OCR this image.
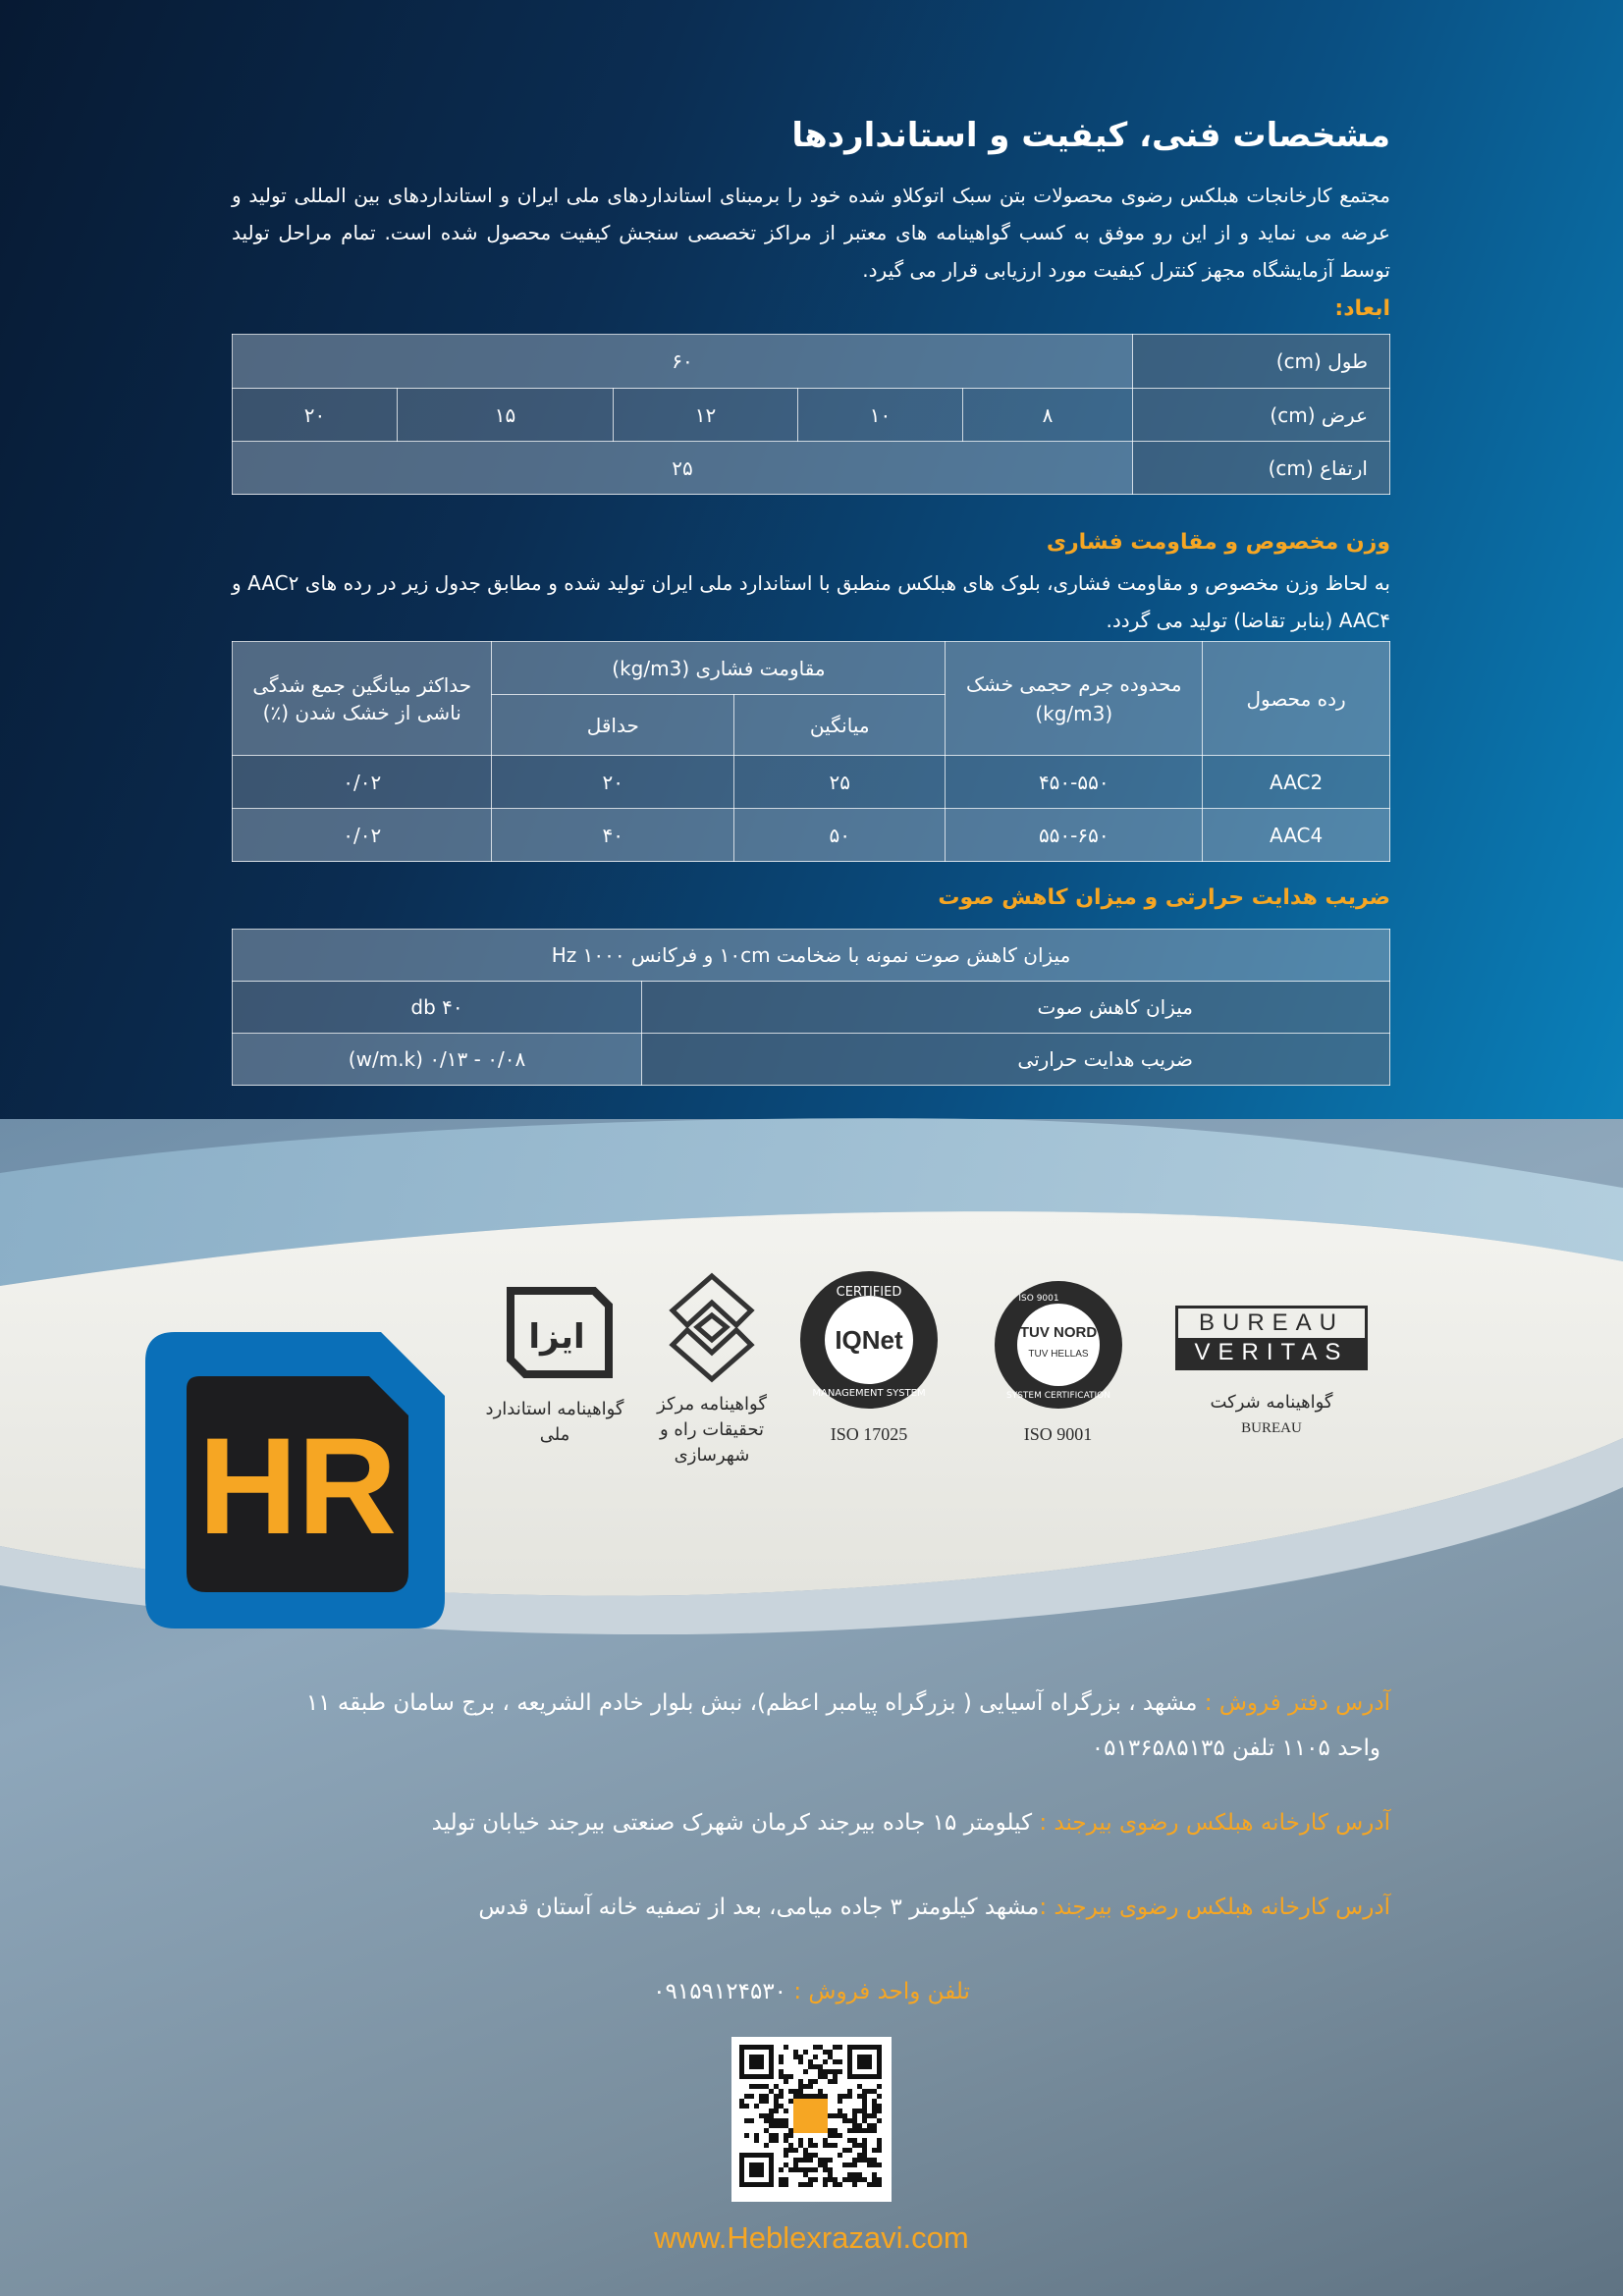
مشخصات فنی، کیفیت و استانداردها

مجتمع کارخانجات هبلکس رضوی محصولات بتن سبک اتوکلاو شده خود را برمبنای استانداردهای ملی ایران و استانداردهای بین المللی تولید و عرضه می نماید و از این رو موفق به کسب گواهینامه های معتبر از مراکز تخصصی سنجش کیفیت محصول شده است. تمام مراحل تولید توسط آزمایشگاه مجهز کنترل کیفیت مورد ارزیابی قرار می گیرد.

ابعاد:

طول (cm)	۶۰				
عرض (cm)	۸	۱۰	۱۲	۱۵	۲۰
ارتفاع (cm)	۲۵				

وزن مخصوص و مقاومت فشاری

به لحاظ وزن مخصوص و مقاومت فشاری، بلوک های هبلکس منطبق با استاندارد ملی ایران تولید شده و مطابق جدول زیر در رده های AAC۲ و AAC۴ (بنابر تقاضا) تولید می گردد.

رده محصول	محدوده جرم حجمی خشک (kg/m3)	مقاومت فشاری (kg/m3)		حداکثر میانگین جمع شدگی ناشی از خشک شدن (٪)
		میانگین	حداقل	
AAC2	۴۵۰-۵۵۰	۲۵	۲۰	۰/۰۲
AAC4	۵۵۰-۶۵۰	۵۰	۴۰	۰/۰۲

ضریب هدایت حرارتی و میزان کاهش صوت

میزان کاهش صوت نمونه با ضخامت ۱۰cm و فرکانس ۱۰۰۰ Hz	
میزان کاهش صوت	۴۰ db
ضریب هدایت حرارتی	۰/۰۸ - ۰/۱۳ (w/m.k)
HR
ایزا
گواهینامه استاندارد ملی
گواهینامه مرکز تحقیقات راه و شهرسازی
CERTIFIED
IQNet
MANAGEMENT SYSTEM
ISO 17025
ISO 9001
TUV NORD
TUV HELLAS
SYSTEM CERTIFICATION
ISO 9001
BUREAU
VERITAS
گواهینامه شرکت
BUREAU
آدرس دفتر فروش : مشهد ، بزرگراه آسیایی ( بزرگراه پیامبر اعظم)، نبش بلوار خادم الشریعه ، برج سامان طبقه ۱۱
واحد ۱۱۰۵ تلفن ۰۵۱۳۶۵۸۵۱۳۵
آدرس کارخانه هبلکس رضوی بیرجند : کیلومتر ۱۵ جاده بیرجند کرمان شهرک صنعتی بیرجند خیابان تولید
آدرس کارخانه هبلکس رضوی بیرجند :مشهد کیلومتر ۳ جاده میامی، بعد از تصفیه خانه آستان قدس
تلفن واحد فروش : ۰۹۱۵۹۱۲۴۵۳۰
www.Heblexrazavi.com
